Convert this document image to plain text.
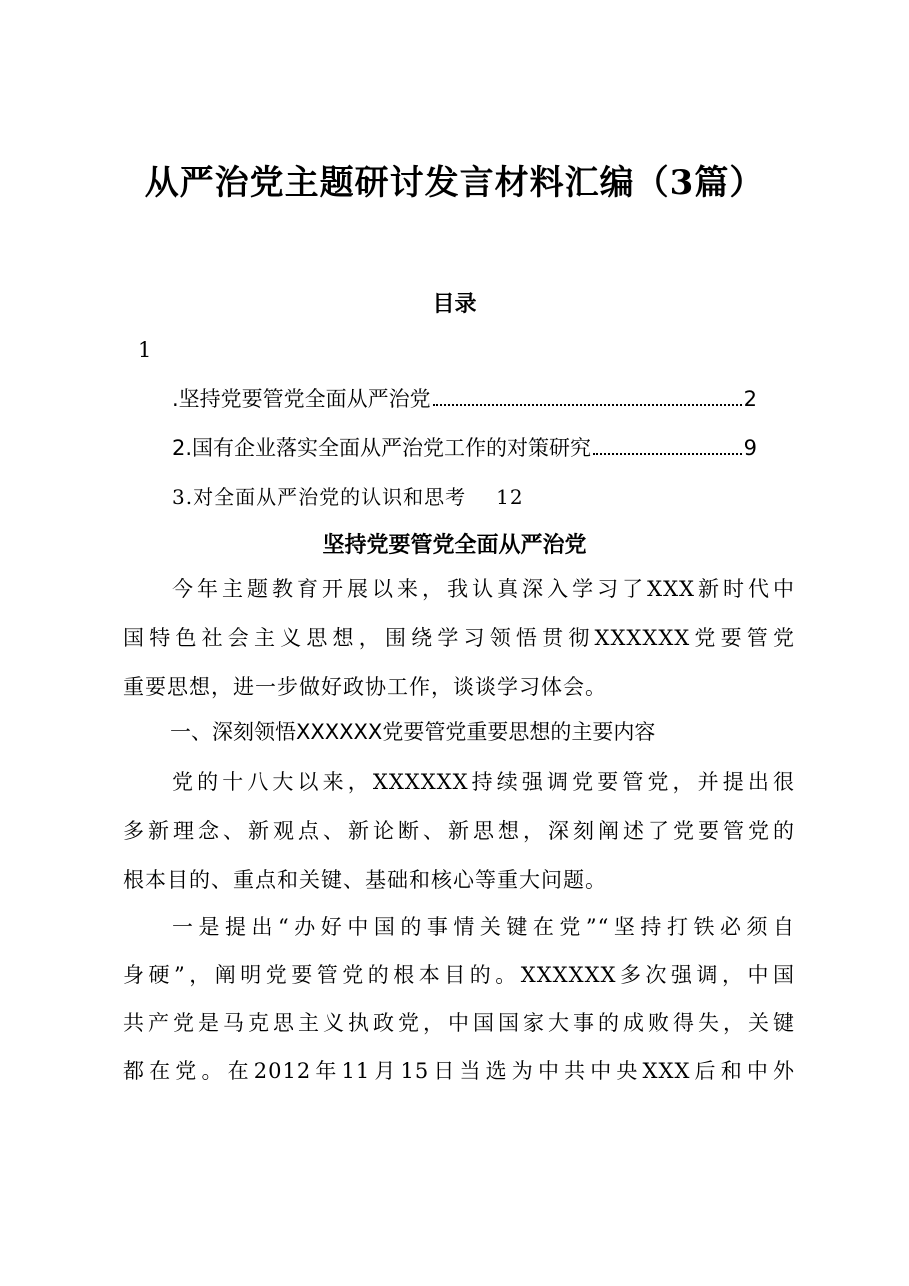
从严治党主题研讨发言材料汇编（3篇）
目录
1
.坚持党要管党全面从严治党	2
2.国有企业落实全面从严治党工作的对策研究	9
3.对全面从严治党的认识和思考 12
坚持党要管党全面从严治党
今年主题教育开展以来，我认真深入学习了XXX新时代中
国特色社会主义思想，围绕学习领悟贯彻XXXXXX党要管党
重要思想，进一步做好政协工作，谈谈学习体会。
一、深刻领悟XXXXXX党要管党重要思想的主要内容
党的十八大以来，XXXXXX持续强调党要管党，并提出很
多新理念、新观点、新论断、新思想，深刻阐述了党要管党的
根本目的、重点和关键、基础和核心等重大问题。
一是提出“办好中国的事情关键在党”“坚持打铁必须自
身硬”，阐明党要管党的根本目的。XXXXXX多次强调，中国
共产党是马克思主义执政党，中国国家大事的成败得失，关键
都在党。在2012年11月15日当选为中共中央XXX后和中外
